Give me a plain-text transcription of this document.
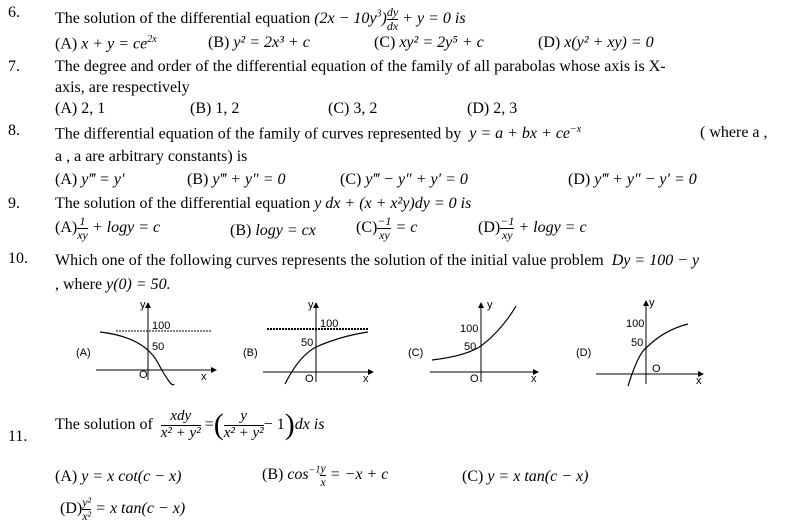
6. The solution of the differential equation $(2x - 10y^3) \frac{dy}{dx} + y = 0$ is
(A) $x + y = ce^{2x}$	(B) y² = 2x³ + c	(C) xy² = 2y⁵ + c	(D) x(y² + xy) = 0
7. The degree and order of the differential equation of the family of all parabolas whose axis is X-
axis, are respectively
(A) 2, 1	(B) 1, 2	(C) 3, 2	(D) 2, 3
8. The differential equation of the family of curves represented by y = a + bx + $ce^{-x}$	( where a ,
a , a are arbitrary constants) is
(A) y‴ = y′	(B) y‴ + y″ = 0	(C) y‴ − y″ + y′ = 0	(D) y‴ + y″ − y′ = 0
9. The solution of the differential equation y dx + (x + x²y)dy = 0 is
$(A) \frac{1}{xy} + \log y = c$	(B) logy = cx	$(C) \frac{-1}{xy} = c$	$(D) \frac{-1}{xy} + \log y = c$
10. Which one of the following curves represents the solution of the initial value problem Dy = 100 − y
, where y(0) = 50.
(A)
y
x
O
100
50	(B)
y
x
O
100
50
(C)
y
x
O
100
50	(D)
y
x
O
100
50
11.
The solution of $\frac{\text{xdy}}{\text{x² + y²}}$ =( $\frac{y}{\text{x² + y²}} - 1)dx$ is
(A) y = x cot(c − x)	(B) $\cos^{-1} \frac{y}{x} = -x + c$	(C) y = x tan(c − x)
$(D) \frac{\text{y²}}{\text{x²}} = x$ tan(c − x)
